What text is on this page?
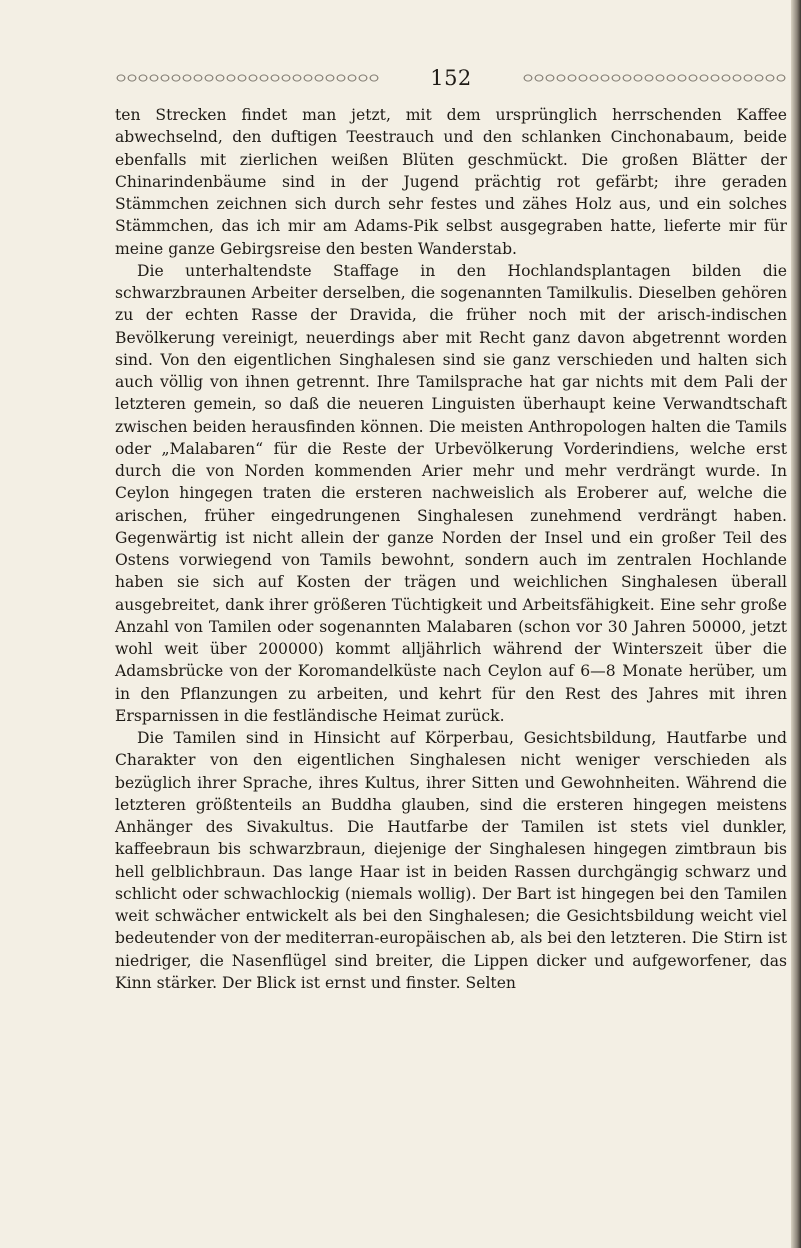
152

ten Strecken findet man jetzt, mit dem ursprünglich herrschenden Kaffee abwechselnd, den duftigen Teestrauch und den schlanken Cinchonabaum, beide ebenfalls mit zierlichen weißen Blüten geschmückt. Die großen Blätter der Chinarindenbäume sind in der Jugend prächtig rot gefärbt; ihre geraden Stämmchen zeichnen sich durch sehr festes und zähes Holz aus, und ein solches Stämmchen, das ich mir am Adams-Pik selbst ausgegraben hatte, lieferte mir für meine ganze Gebirgsreise den besten Wanderstab.

Die unterhaltendste Staffage in den Hochlandsplantagen bilden die schwarzbraunen Arbeiter derselben, die sogenannten Tamilkulis. Dieselben gehören zu der echten Rasse der Dravida, die früher noch mit der arisch-indischen Bevölkerung vereinigt, neuerdings aber mit Recht ganz davon abgetrennt worden sind. Von den eigentlichen Singhalesen sind sie ganz verschieden und halten sich auch völlig von ihnen getrennt. Ihre Tamilsprache hat gar nichts mit dem Pali der letzteren gemein, so daß die neueren Linguisten überhaupt keine Verwandtschaft zwischen beiden herausfinden können. Die meisten Anthropologen halten die Tamils oder „Malabaren“ für die Reste der Urbevölkerung Vorderindiens, welche erst durch die von Norden kommenden Arier mehr und mehr verdrängt wurde. In Ceylon hingegen traten die ersteren nachweislich als Eroberer auf, welche die arischen, früher eingedrungenen Singhalesen zunehmend verdrängt haben. Gegenwärtig ist nicht allein der ganze Norden der Insel und ein großer Teil des Ostens vorwiegend von Tamils bewohnt, sondern auch im zentralen Hochlande haben sie sich auf Kosten der trägen und weichlichen Singhalesen überall ausgebreitet, dank ihrer größeren Tüchtigkeit und Arbeitsfähigkeit. Eine sehr große Anzahl von Tamilen oder sogenannten Malabaren (schon vor 30 Jahren 50000, jetzt wohl weit über 200000) kommt alljährlich während der Winterszeit über die Adamsbrücke von der Koromandelküste nach Ceylon auf 6—8 Monate herüber, um in den Pflanzungen zu arbeiten, und kehrt für den Rest des Jahres mit ihren Ersparnissen in die festländische Heimat zurück.

Die Tamilen sind in Hinsicht auf Körperbau, Gesichtsbildung, Hautfarbe und Charakter von den eigentlichen Singhalesen nicht weniger verschieden als bezüglich ihrer Sprache, ihres Kultus, ihrer Sitten und Gewohnheiten. Während die letzteren größtenteils an Buddha glauben, sind die ersteren hingegen meistens Anhänger des Sivakultus. Die Hautfarbe der Tamilen ist stets viel dunkler, kaffeebraun bis schwarzbraun, diejenige der Singhalesen hingegen zimtbraun bis hell gelblichbraun. Das lange Haar ist in beiden Rassen durchgängig schwarz und schlicht oder schwachlockig (niemals wollig). Der Bart ist hingegen bei den Tamilen weit schwächer entwickelt als bei den Singhalesen; die Gesichtsbildung weicht viel bedeutender von der mediterran-europäischen ab, als bei den letzteren. Die Stirn ist niedriger, die Nasenflügel sind breiter, die Lippen dicker und aufgeworfener, das Kinn stärker. Der Blick ist ernst und finster. Selten
